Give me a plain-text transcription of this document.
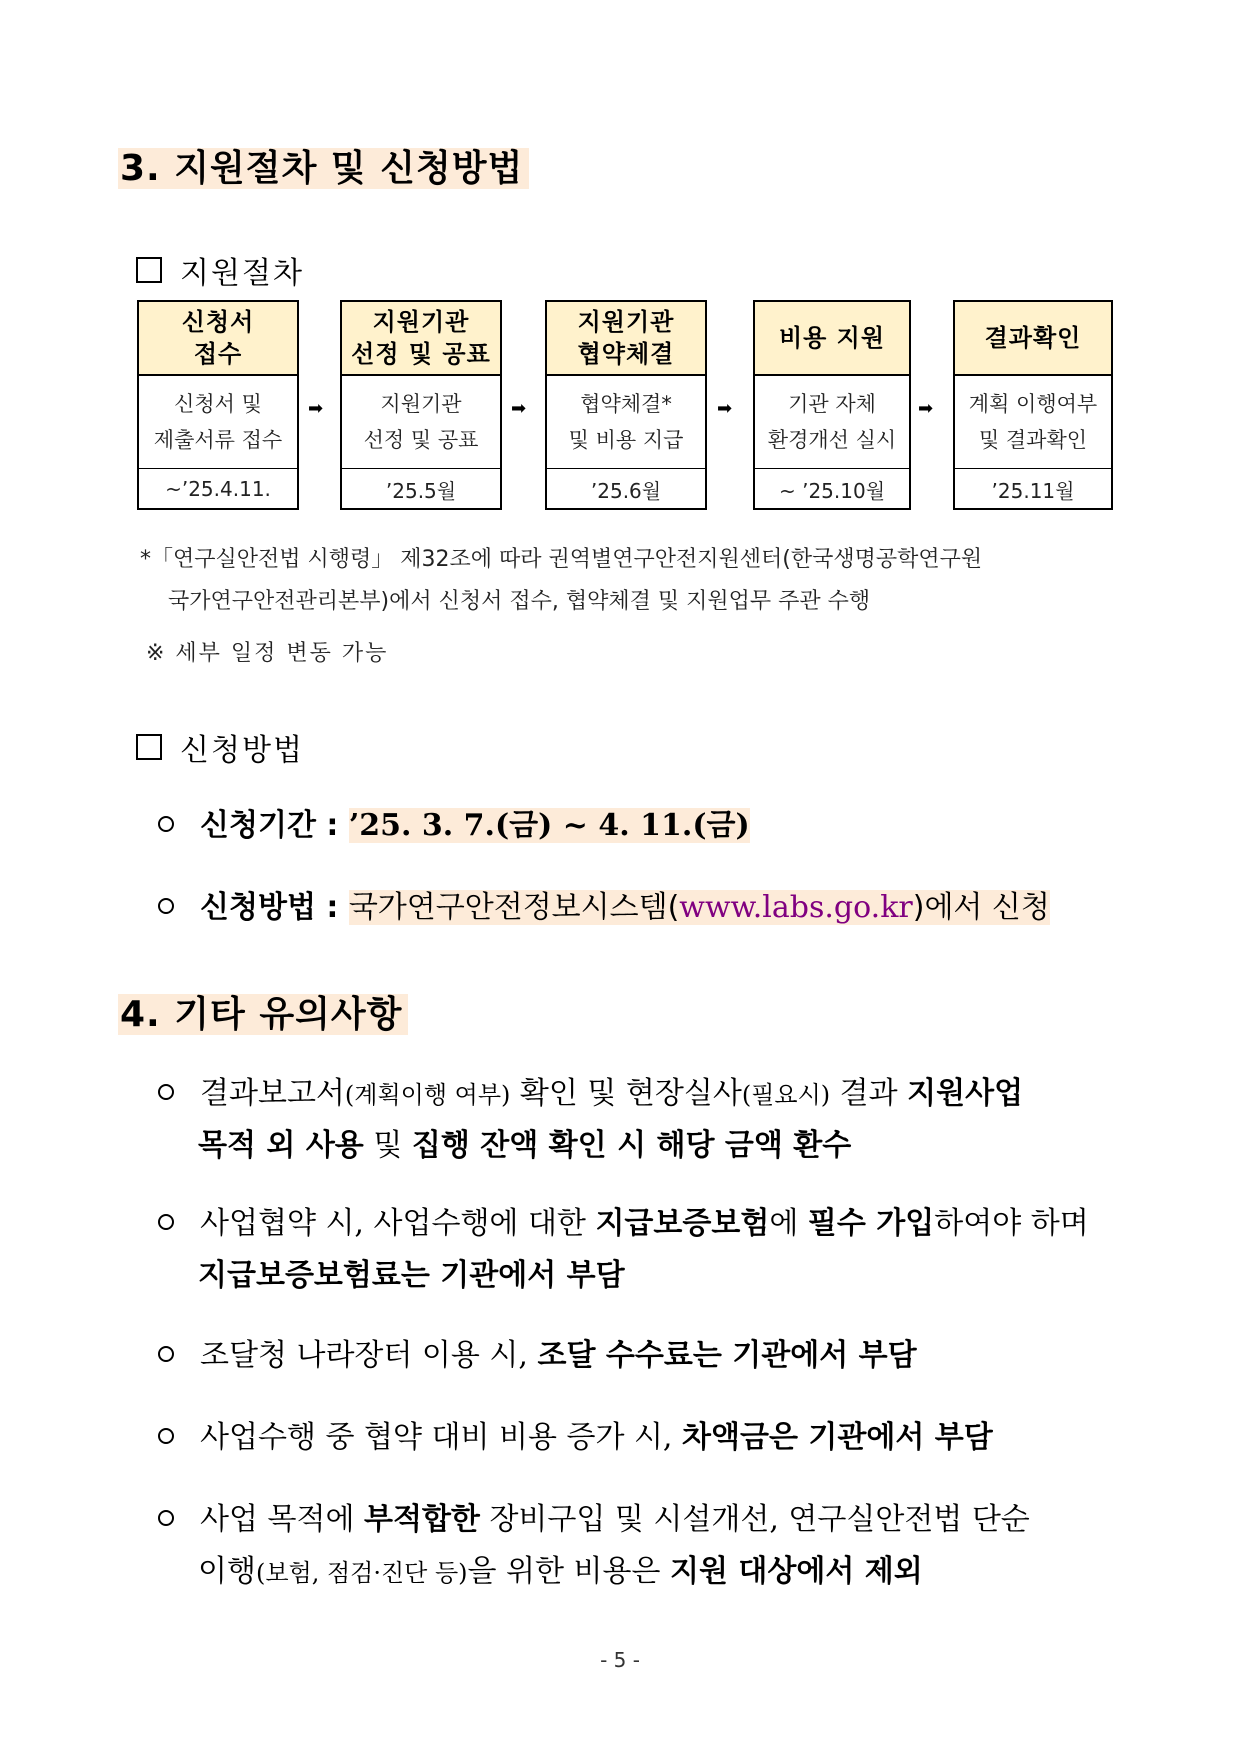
3. 지원절차 및 신청방법
지원절차
신청서
접수
신청서 및
제출서류 접수
~’25.4.11.
➡
지원기관
선정 및 공표
지원기관
선정 및 공표
’25.5월
➡
지원기관
협약체결
협약체결*
및 비용 지급
’25.6월
➡
비용 지원
기관 자체
환경개선 실시
~ ’25.10월
➡
결과확인
계획 이행여부
및 결과확인
’25.11월
*「연구실안전법 시행령」 제32조에 따라 권역별연구안전지원센터(한국생명공학연구원
국가연구안전관리본부)에서 신청서 접수, 협약체결 및 지원업무 주관 수행
※ 세부 일정 변동 가능
신청방법
신청기간 : ’25. 3. 7.(금) ~ 4. 11.(금)
신청방법 : 국가연구안전정보시스템(www.labs.go.kr)에서 신청
4. 기타 유의사항
결과보고서(계획이행 여부) 확인 및 현장실사(필요시) 결과 지원사업
목적 외 사용 및 집행 잔액 확인 시 해당 금액 환수
사업협약 시, 사업수행에 대한 지급보증보험에 필수 가입하여야 하며
지급보증보험료는 기관에서 부담
조달청 나라장터 이용 시, 조달 수수료는 기관에서 부담
사업수행 중 협약 대비 비용 증가 시, 차액금은 기관에서 부담
사업 목적에 부적합한 장비구입 및 시설개선, 연구실안전법 단순
이행(보험, 점검·진단 등)을 위한 비용은 지원 대상에서 제외
- 5 -
